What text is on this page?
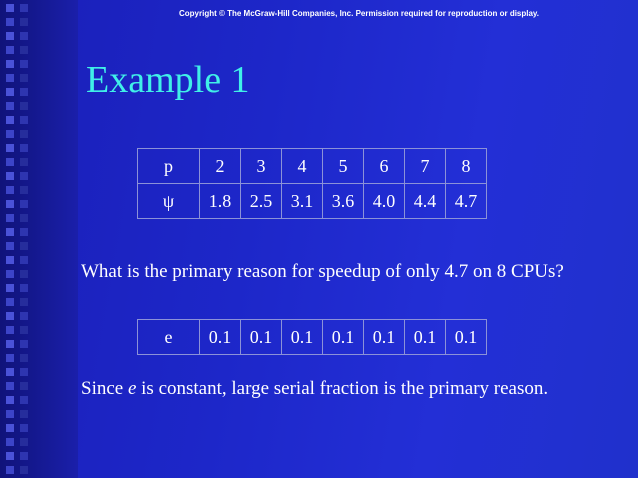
Copyright © The McGraw-Hill Companies, Inc. Permission required for reproduction or display.
Example 1
p	2	3	4	5	6	7	8
ψ	1.8	2.5	3.1	3.6	4.0	4.4	4.7
What is the primary reason for speedup of only 4.7 on 8 CPUs?
e	0.1	0.1	0.1	0.1	0.1	0.1	0.1
Since e is constant, large serial fraction is the primary reason.
